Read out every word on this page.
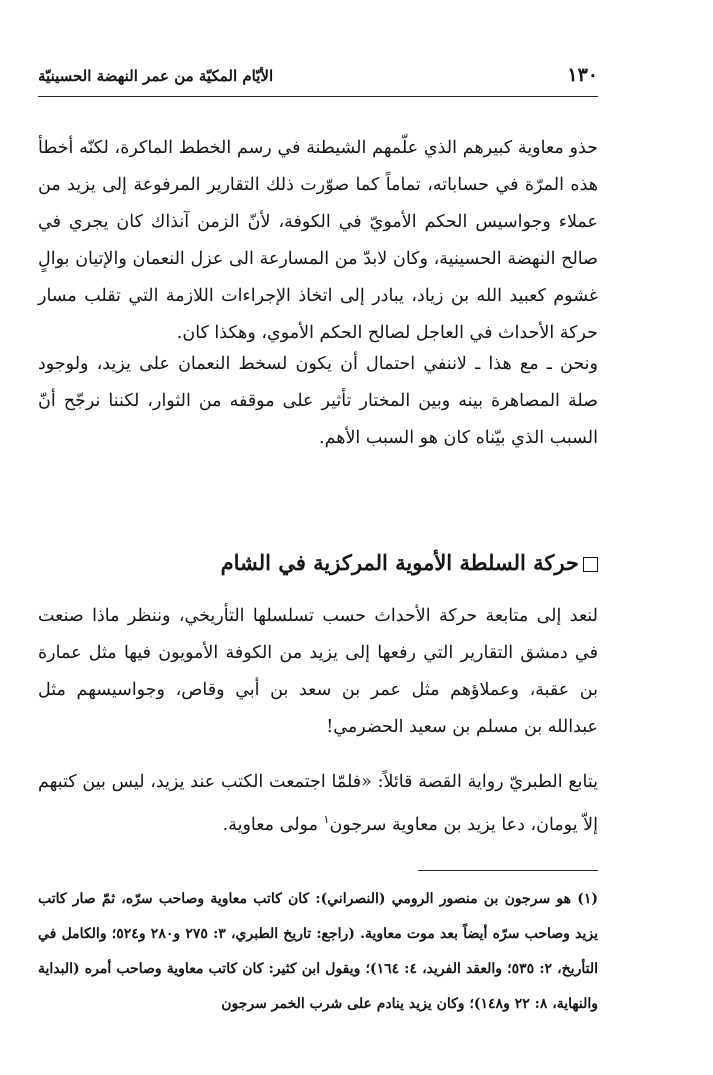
١٣٠
الأيّام المكيّة من عمر النهضة الحسينيّة

حذو معاوية كبيرهم الذي علّمهم الشيطنة في رسم الخطط الماكرة، لكنّه أخطأ هذه المرّة في حساباته، تماماً كما صوّرت ذلك التقارير المرفوعة إلى يزيد من عملاء وجواسيس الحكم الأمويّ في الكوفة، لأنّ الزمن آنذاك كان يجري في صالح النهضة الحسينية، وكان لابدّ من المسارعة الى عزل النعمان والإتيان بوالٍ غشوم كعبيد الله بن زياد، يبادر إلى اتخاذ الإجراءات اللازمة التي تقلب مسار حركة الأحداث في العاجل لصالح الحكم الأموي، وهكذا كان.

ونحن ـ مع هذا ـ لاننفي احتمال أن يكون لسخط النعمان على يزيد، ولوجود صلة المصاهرة بينه وبين المختار تأثير على موقفه من الثوار، لكننا نرجّح أنّ السبب الذي بيّناه كان هو السبب الأهم.

حركة السلطة الأموية المركزية في الشام

لنعد إلى متابعة حركة الأحداث حسب تسلسلها التأريخي، وننظر ماذا صنعت في دمشق التقارير التي رفعها إلى يزيد من الكوفة الأمويون فيها مثل عمارة بن عقبة، وعملاؤهم مثل عمر بن سعد بن أبي وقاص، وجواسيسهم مثل عبدالله بن مسلم بن سعيد الحضرمي!

يتابع الطبريّ رواية القصة قائلاً: «فلمّا اجتمعت الكتب عند يزيد، ليس بين كتبهم إلاّ يومان، دعا يزيد بن معاوية سرجون$^١$ مولى معاوية.

(١) هو سرجون بن منصور الرومي (النصراني): كان كاتب معاوية وصاحب سرّه، ثمّ صار كاتب يزيد وصاحب سرّه أيضاً بعد موت معاوية. (راجع: تاريخ الطبري، ٣: ٢٧٥ و٢٨٠ و٥٢٤؛ والكامل في التأريخ، ٢: ٥٣٥؛ والعقد الفريد، ٤: ١٦٤)؛ ويقول ابن كثير: كان كاتب معاوية وصاحب أمره (البداية والنهاية، ٨: ٢٢ و١٤٨)؛ وكان يزيد ينادم على شرب الخمر سرجون
